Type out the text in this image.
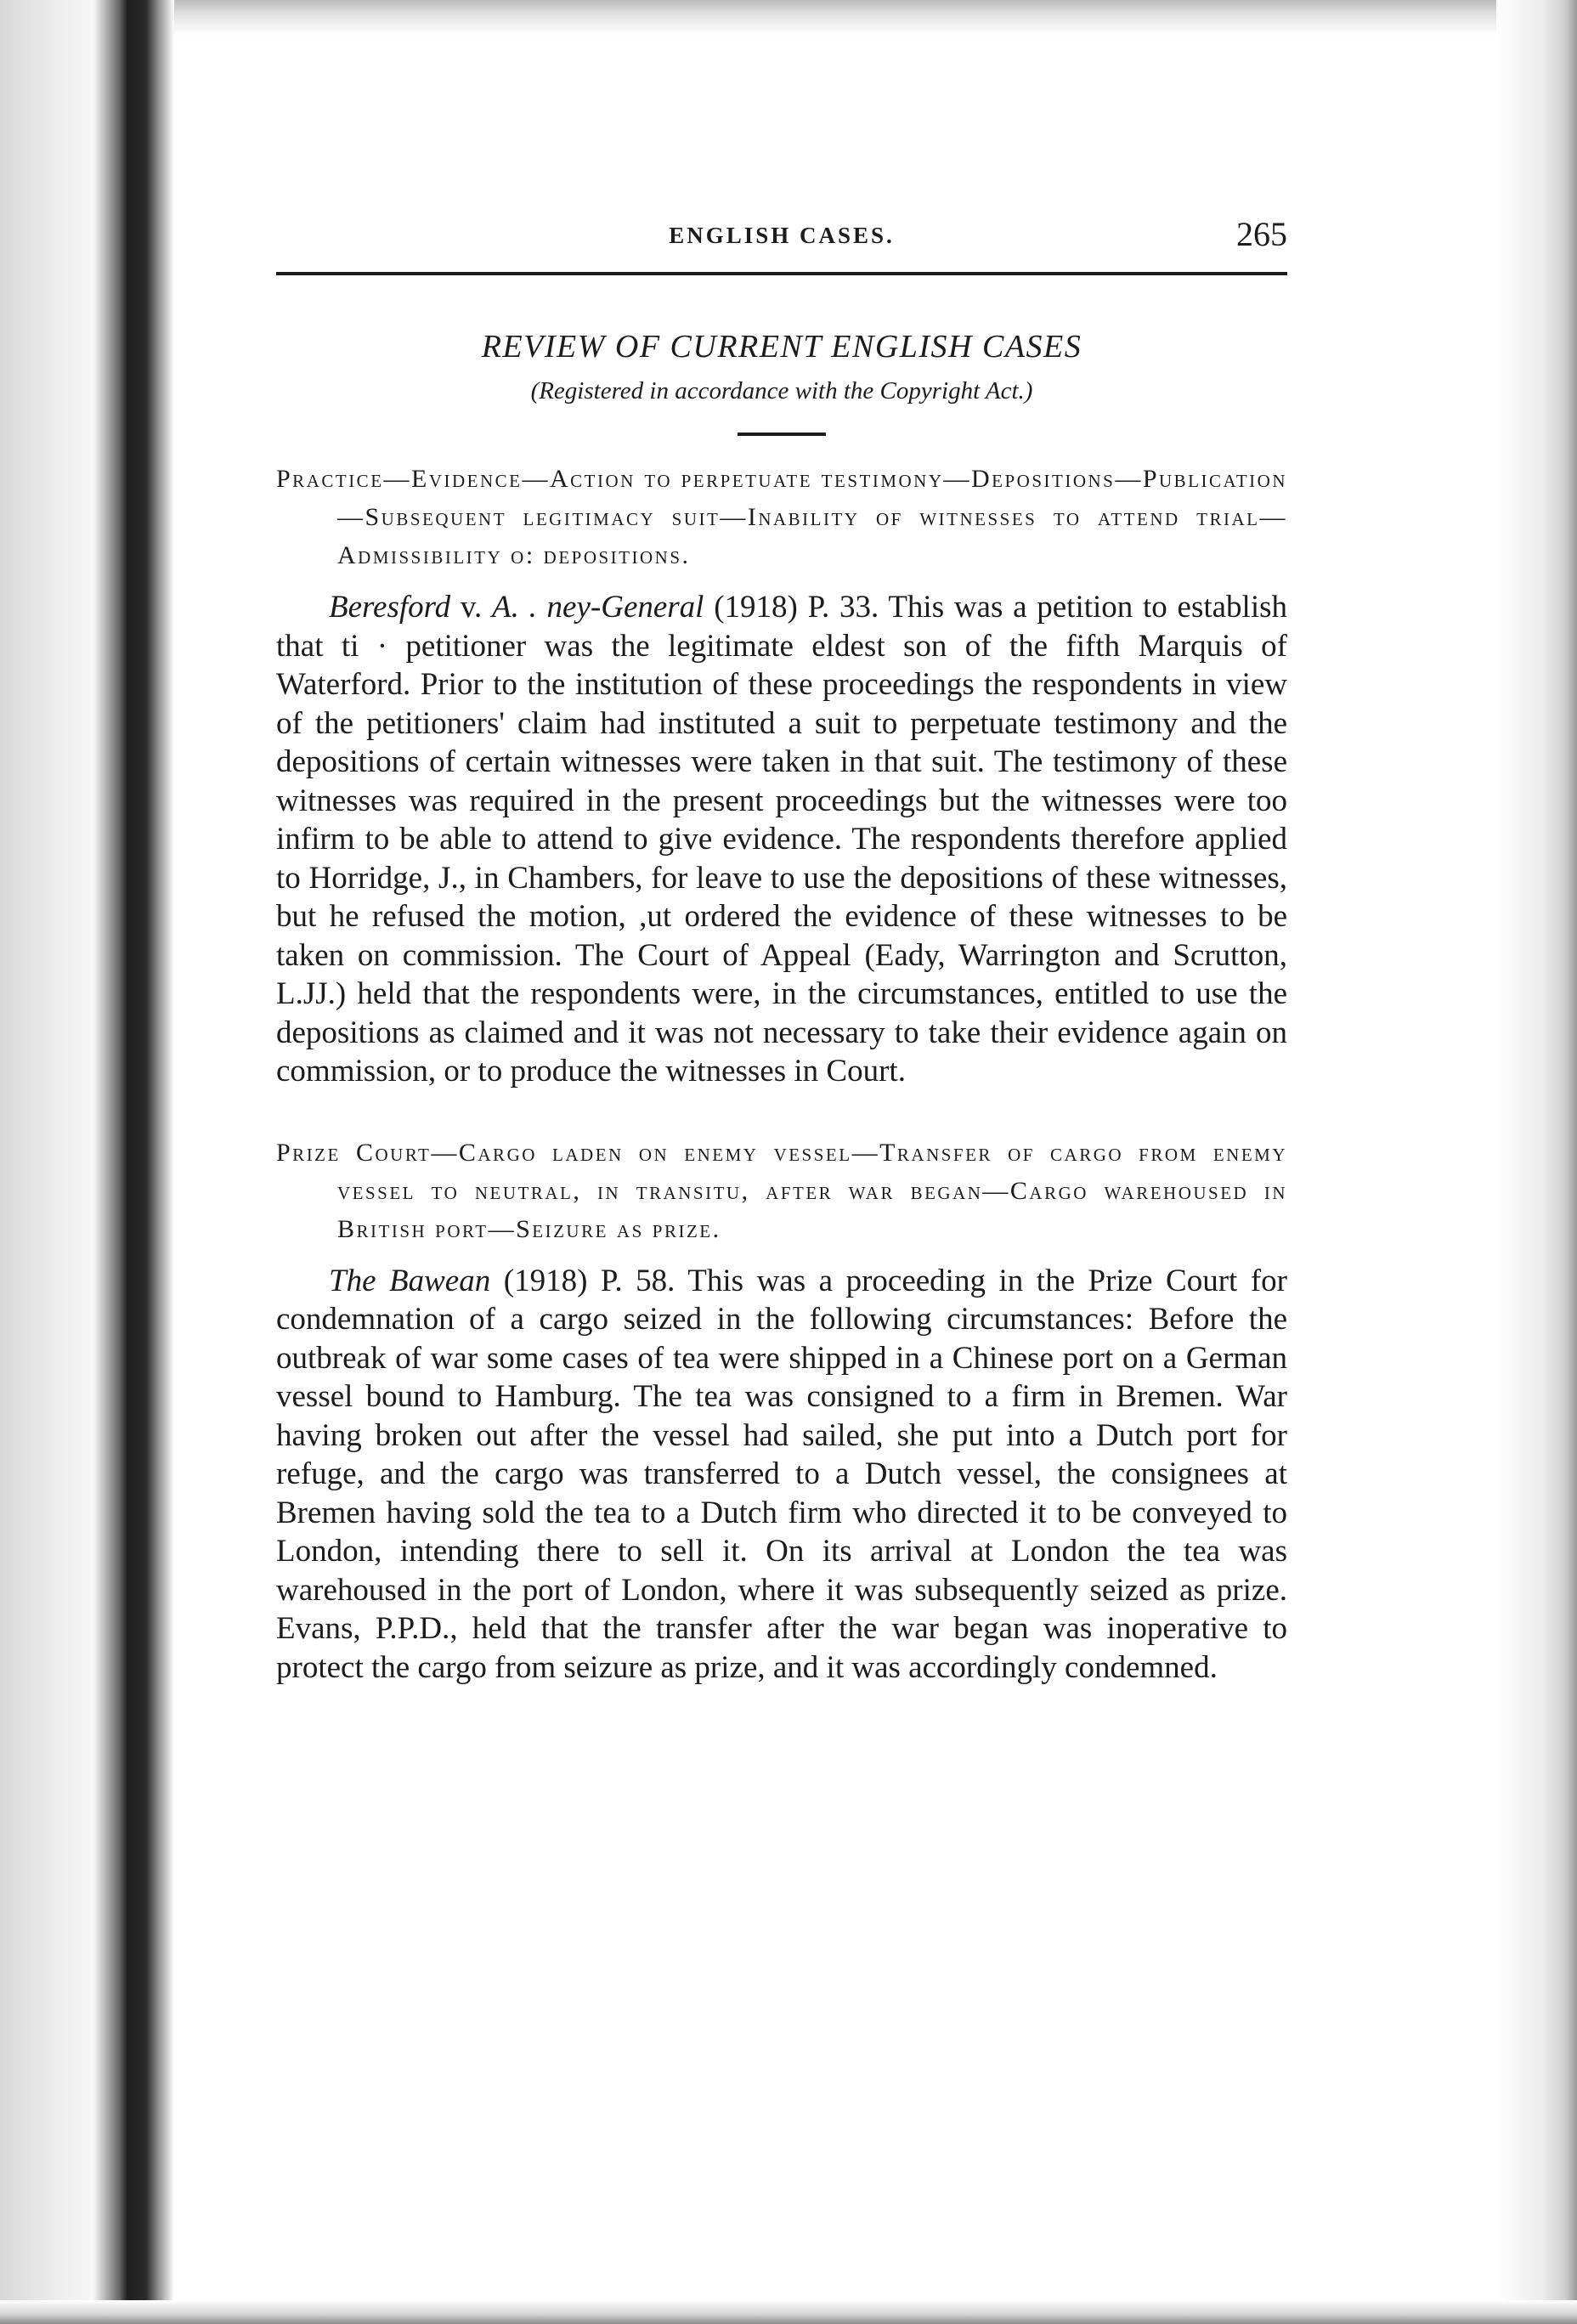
ENGLISH CASES.	265
REVIEW OF CURRENT ENGLISH CASES
(Registered in accordance with the Copyright Act.)
Practice—Evidence—Action to perpetuate testimony—Depositions—Publication—Subsequent legitimacy suit—Inability of witnesses to attend trial—Admissibility o: depositions.

Beresford v. A. . ney-General (1918) P. 33. This was a petition to establish that ti · petitioner was the legitimate eldest son of the fifth Marquis of Waterford. Prior to the institution of these proceedings the respondents in view of the petitioners' claim had instituted a suit to perpetuate testimony and the depositions of certain witnesses were taken in that suit. The testimony of these witnesses was required in the present proceedings but the witnesses were too infirm to be able to attend to give evidence. The respondents therefore applied to Horridge, J., in Chambers, for leave to use the depositions of these witnesses, but he refused the motion, ,ut ordered the evidence of these witnesses to be taken on commission. The Court of Appeal (Eady, Warrington and Scrutton, L.JJ.) held that the respondents were, in the circumstances, entitled to use the depositions as claimed and it was not necessary to take their evidence again on commission, or to produce the witnesses in Court.

Prize Court—Cargo laden on enemy vessel—Transfer of cargo from enemy vessel to neutral, in transitu, after war began—Cargo warehoused in British port—Seizure as prize.

The Bawean (1918) P. 58. This was a proceeding in the Prize Court for condemnation of a cargo seized in the following circumstances: Before the outbreak of war some cases of tea were shipped in a Chinese port on a German vessel bound to Hamburg. The tea was consigned to a firm in Bremen. War having broken out after the vessel had sailed, she put into a Dutch port for refuge, and the cargo was transferred to a Dutch vessel, the consignees at Bremen having sold the tea to a Dutch firm who directed it to be conveyed to London, intending there to sell it. On its arrival at London the tea was warehoused in the port of London, where it was subsequently seized as prize. Evans, P.P.D., held that the transfer after the war began was inoperative to protect the cargo from seizure as prize, and it was accordingly condemned.
